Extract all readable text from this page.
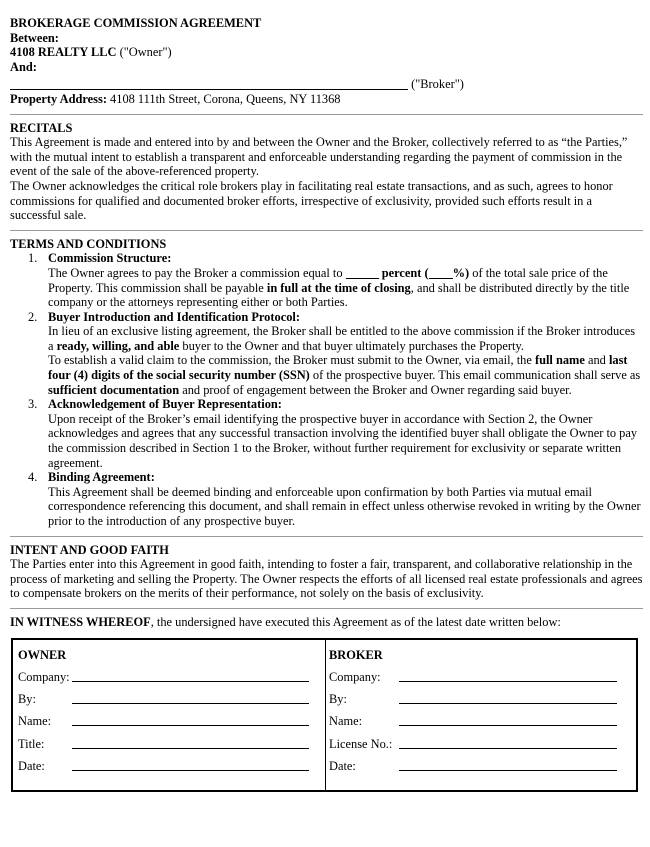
BROKERAGE COMMISSION AGREEMENT
Between:
4108 REALTY LLC ("Owner")
And:
("Broker")
Property Address: 4108 111th Street, Corona, Queens, NY 11368
RECITALS

This Agreement is made and entered into by and between the Owner and the Broker, collectively referred to as “the Parties,” with the mutual intent to establish a transparent and enforceable understanding regarding the payment of commission in the event of the sale of the above-referenced property.

The Owner acknowledges the critical role brokers play in facilitating real estate transactions, and as such, agrees to honor commissions for qualified and documented broker efforts, irrespective of exclusivity, provided such efforts result in a successful sale.

TERMS AND CONDITIONS
1. Commission Structure:

The Owner agrees to pay the Broker a commission equal to	percent ( %) of the total sale price of the Property. This commission shall be payable in full at the time of closing, and shall be distributed directly by the title company or the attorneys representing either or both Parties.

2. Buyer Introduction and Identification Protocol:

In lieu of an exclusive listing agreement, the Broker shall be entitled to the above commission if the Broker introduces a ready, willing, and able buyer to the Owner and that buyer ultimately purchases the Property.

To establish a valid claim to the commission, the Broker must submit to the Owner, via email, the full name and last four (4) digits of the social security number (SSN) of the prospective buyer. This email communication shall serve as sufficient documentation and proof of engagement between the Broker and Owner regarding said buyer.

3. Acknowledgement of Buyer Representation:

Upon receipt of the Broker’s email identifying the prospective buyer in accordance with Section 2, the Owner acknowledges and agrees that any successful transaction involving the identified buyer shall obligate the Owner to pay the commission described in Section 1 to the Broker, without further requirement for exclusivity or separate written agreement.

4. Binding Agreement:

This Agreement shall be deemed binding and enforceable upon confirmation by both Parties via mutual email correspondence referencing this document, and shall remain in effect unless otherwise revoked in writing by the Owner prior to the introduction of any prospective buyer.

INTENT AND GOOD FAITH

The Parties enter into this Agreement in good faith, intending to foster a fair, transparent, and collaborative relationship in the process of marketing and selling the Property. The Owner respects the efforts of all licensed real estate professionals and agrees to compensate brokers on the merits of their performance, not solely on the basis of exclusivity.

IN WITNESS WHEREOF, the undersigned have executed this Agreement as of the latest date written below:

OWNER
Company:
By:
Name:
Title:
Date:
BROKER
Company:
By:
Name:
License No.:
Date:
